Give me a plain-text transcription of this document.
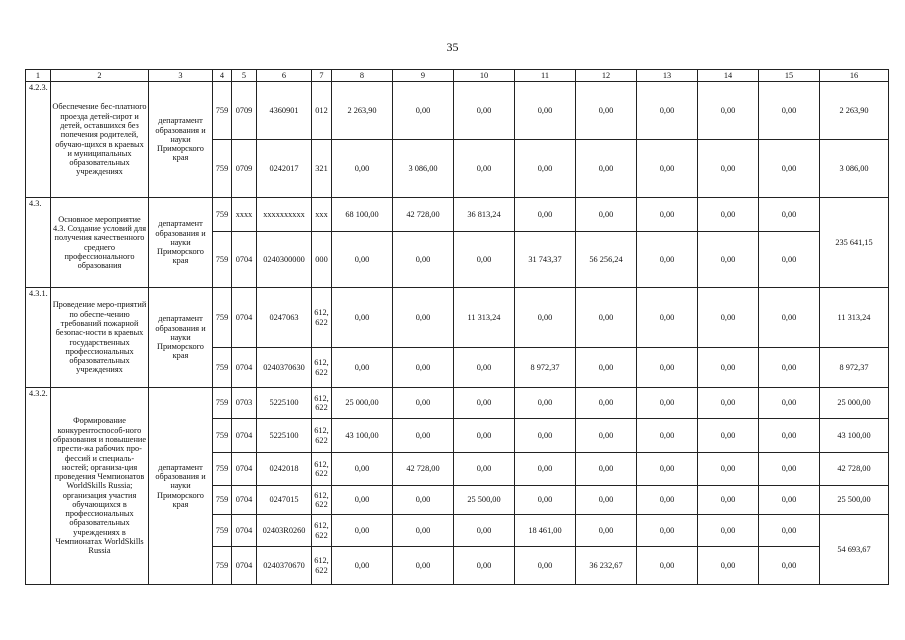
35
1	2	3	4	5	6	7	8	9	10	11	12	13	14	15	16
4.2.3.	Обеспечение бес-платного проезда детей-сирот и детей, оставшихся без попечения родителей, обучаю-щихся в краевых и муниципальных образовательных учреждениях	департамент образования и науки Приморского края	759	0709	4360901	012	2 263,90	0,00	0,00	0,00	0,00	0,00	0,00	0,00	2 263,90
			759	0709	0242017	321	0,00	3 086,00	0,00	0,00	0,00	0,00	0,00	0,00	3 086,00
4.3.	Основное мероприятие 4.3. Создание условий для получения качественного среднего профессионального образования	департамент образования и науки Приморского края	759	хххх	хххххххххх	ххх	68 100,00	42 728,00	36 813,24	0,00	0,00	0,00	0,00	0,00	235 641,15
			759	0704	0240300000	000	0,00	0,00	0,00	31 743,37	56 256,24	0,00	0,00	0,00	
4.3.1.	Проведение меро-приятий по обеспе-чению требований пожарной безопас-ности в краевых государственных профессиональных образовательных учреждениях	департамент образования и науки Приморского края	759	0704	0247063	612, 622	0,00	0,00	11 313,24	0,00	0,00	0,00	0,00	0,00	11 313,24
			759	0704	0240370630	612, 622	0,00	0,00	0,00	8 972,37	0,00	0,00	0,00	0,00	8 972,37
4.3.2.	Формирование конкурентоспособ-ного образования и повышение прести-жа рабочих про-фессий и специаль-ностей; организа-ция проведения Чемпионатов WorldSkills Russia; организация участия обучающихся в профессиональных образовательных учреждениях в Чемпионатах WorldSkills Russia	департамент образования и науки Приморского края	759	0703	5225100	612, 622	25 000,00	0,00	0,00	0,00	0,00	0,00	0,00	0,00	25 000,00
			759	0704	5225100	612, 622	43 100,00	0,00	0,00	0,00	0,00	0,00	0,00	0,00	43 100,00
			759	0704	0242018	612, 622	0,00	42 728,00	0,00	0,00	0,00	0,00	0,00	0,00	42 728,00
			759	0704	0247015	612, 622	0,00	0,00	25 500,00	0,00	0,00	0,00	0,00	0,00	25 500,00
			759	0704	02403R0260	612, 622	0,00	0,00	0,00	18 461,00	0,00	0,00	0,00	0,00	54 693,67
			759	0704	0240370670	612, 622	0,00	0,00	0,00	0,00	36 232,67	0,00	0,00	0,00	
